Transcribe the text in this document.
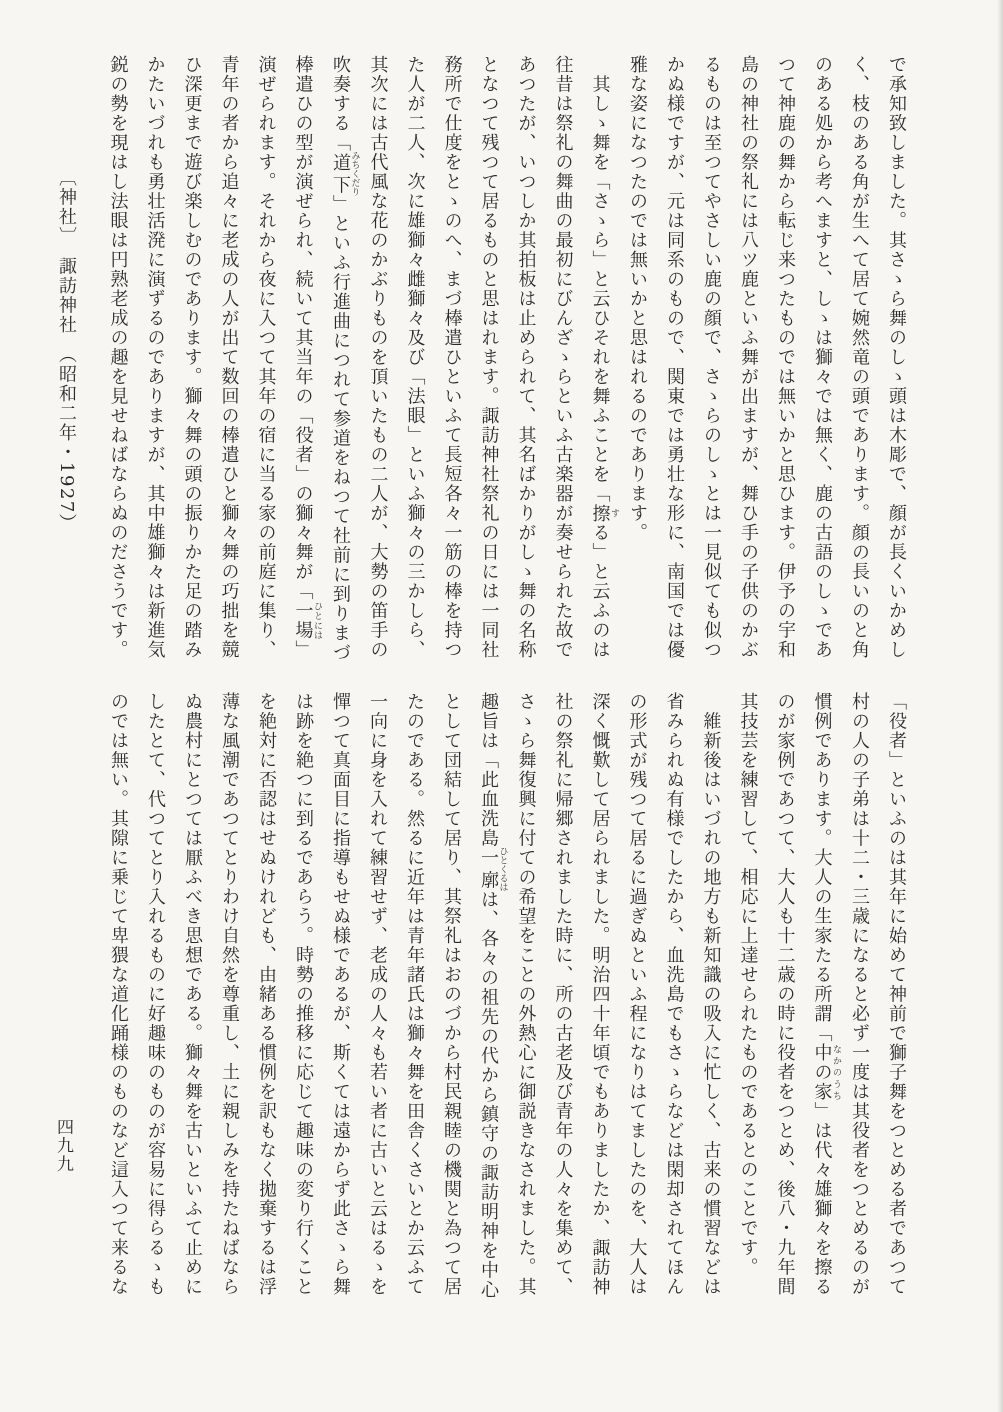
で承知致しました。其さゝら舞のしゝ頭は木彫で、顔が長くいかめし
く、枝のある角が生へて居て婉然竜の頭であります。顔の長いのと角
のある処から考へますと、しゝは獅々では無く、鹿の古語のしゝであ
つて神鹿の舞から転じ来つたものでは無いかと思ひます。伊予の宇和
島の神社の祭礼には八ツ鹿といふ舞が出ますが、舞ひ手の子供のかぶ
るものは至つてやさしい鹿の顔で、さゝらのしゝとは一見似ても似つ
かぬ様ですが、元は同系のもので、関東では勇壮な形に、南国では優
雅な姿になつたのでは無いかと思はれるのであります。
　其しゝ舞を「さゝら」と云ひそれを舞ふことを「擦する」と云ふのは
往昔は祭礼の舞曲の最初にびんざゝらといふ古楽器が奏せられた故で
あつたが、いつしか其拍板は止められて、其名ばかりがしゝ舞の名称
となつて残つて居るものと思はれます。諏訪神社祭礼の日には一同社
務所で仕度をとゝのへ、まづ棒遣ひといふて長短各々一筋の棒を持つ
た人が二人、次に雄獅々雌獅々及び「法眼」といふ獅々の三かしら、
其次には古代風な花のかぶりものを頂いたもの二人が、大勢の笛手の
吹奏する「道下みちくだり」といふ行進曲につれて参道をねつて社前に到りまづ
棒遣ひの型が演ぜられ、続いて其当年の「役者」の獅々舞が「一場ひとには」
演ぜられます。それから夜に入つて其年の宿に当る家の前庭に集り、
青年の者から追々に老成の人が出て数回の棒遣ひと獅々舞の巧拙を競
ひ深更まで遊び楽しむのであります。獅々舞の頭の振りかた足の踏み
かたいづれも勇壮活溌に演ずるのでありますが、其中雄獅々は新進気
鋭の勢を現はし法眼は円熟老成の趣を見せねばならぬのださうです。
〔神社〕　諏訪神社　（昭和二年・1927）
「役者」といふのは其年に始めて神前で獅子舞をつとめる者であつて
村の人の子弟は十二・三歳になると必ず一度は其役者をつとめるのが
慣例であります。大人の生家たる所謂「中の家なかのうち」は代々雄獅々を擦る
のが家例であつて、大人も十二歳の時に役者をつとめ、後八・九年間
其技芸を練習して、相応に上達せられたものであるとのことです。
　維新後はいづれの地方も新知識の吸入に忙しく、古来の慣習などは
省みられぬ有様でしたから、血洗島でもさゝらなどは閑却されてほん
の形式が残つて居るに過ぎぬといふ程になりはてましたのを、大人は
深く慨歎して居られました。明治四十年頃でもありましたか、諏訪神
社の祭礼に帰郷されました時に、所の古老及び青年の人々を集めて、
さゝら舞復興に付ての希望をことの外熱心に御説きなされました。其
趣旨は「此血洗島一廓ひとくるはは、各々の祖先の代から鎮守の諏訪明神を中心
として団結して居り、其祭礼はおのづから村民親睦の機関と為つて居
たのである。然るに近年は青年諸氏は獅々舞を田舎くさいとか云ふて
一向に身を入れて練習せず、老成の人々も若い者に古いと云はるゝを
憚つて真面目に指導もせぬ様であるが、斯くては遠からず此さゝら舞
は跡を絶つに到るであらう。時勢の推移に応じて趣味の変り行くこと
を絶対に否認はせぬけれども、由緒ある慣例を訳もなく拋棄するは浮
薄な風潮であつてとりわけ自然を尊重し、土に親しみを持たねばなら
ぬ農村にとつては厭ふべき思想である。獅々舞を古いといふて止めに
したとて、代つてとり入れるものに好趣味のものが容易に得らるゝも
のでは無い。其隙に乗じて卑猥な道化踊様のものなど這入つて来るな
四九九
